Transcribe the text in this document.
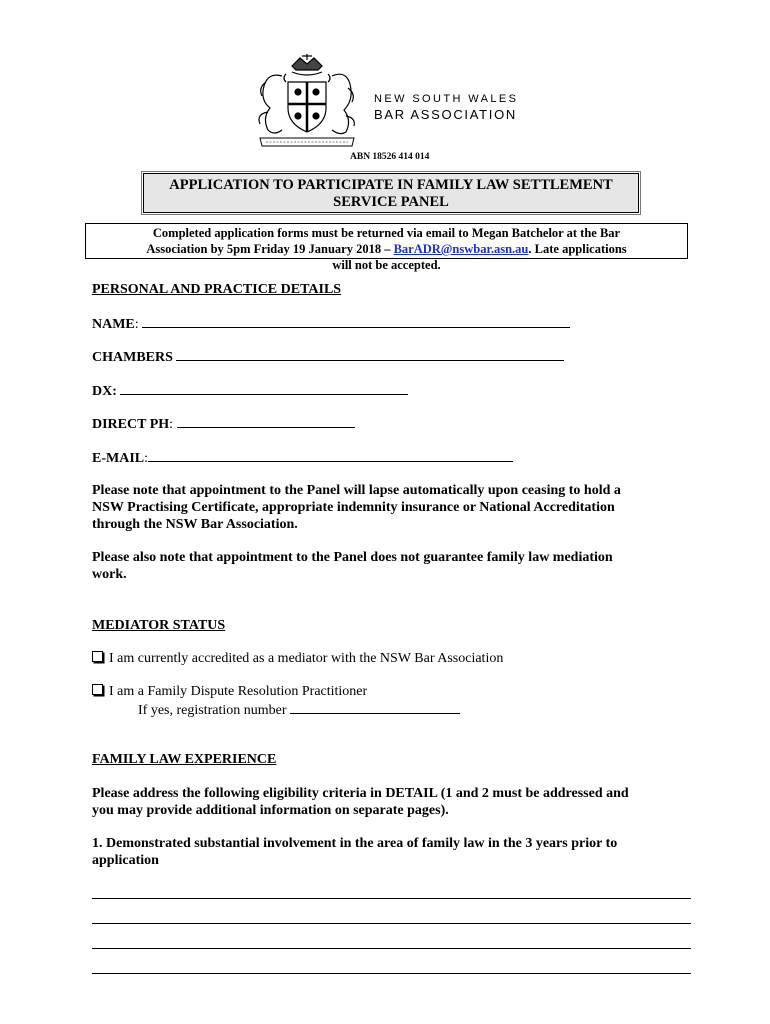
NEW SOUTH WALES
BAR ASSOCIATION
ABN 18526 414 014
APPLICATION TO PARTICIPATE IN FAMILY LAW SETTLEMENT
SERVICE PANEL
Completed application forms must be returned via email to Megan Batchelor at the Bar
Association by 5pm Friday 19 January 2018 – BarADR@nswbar.asn.au. Late applications
will not be accepted.
PERSONAL AND PRACTICE DETAILS
NAME:
CHAMBERS
DX:
DIRECT PH:
E-MAIL:
Please note that appointment to the Panel will lapse automatically upon ceasing to hold a
NSW Practising Certificate, appropriate indemnity insurance or National Accreditation
through the NSW Bar Association.
Please also note that appointment to the Panel does not guarantee family law mediation
work.
MEDIATOR STATUS
I am currently accredited as a mediator with the NSW Bar Association
I am a Family Dispute Resolution Practitioner
If yes, registration number
FAMILY LAW EXPERIENCE
Please address the following eligibility criteria in DETAIL (1 and 2 must be addressed and
you may provide additional information on separate pages).
1. Demonstrated substantial involvement in the area of family law in the 3 years prior to
application
